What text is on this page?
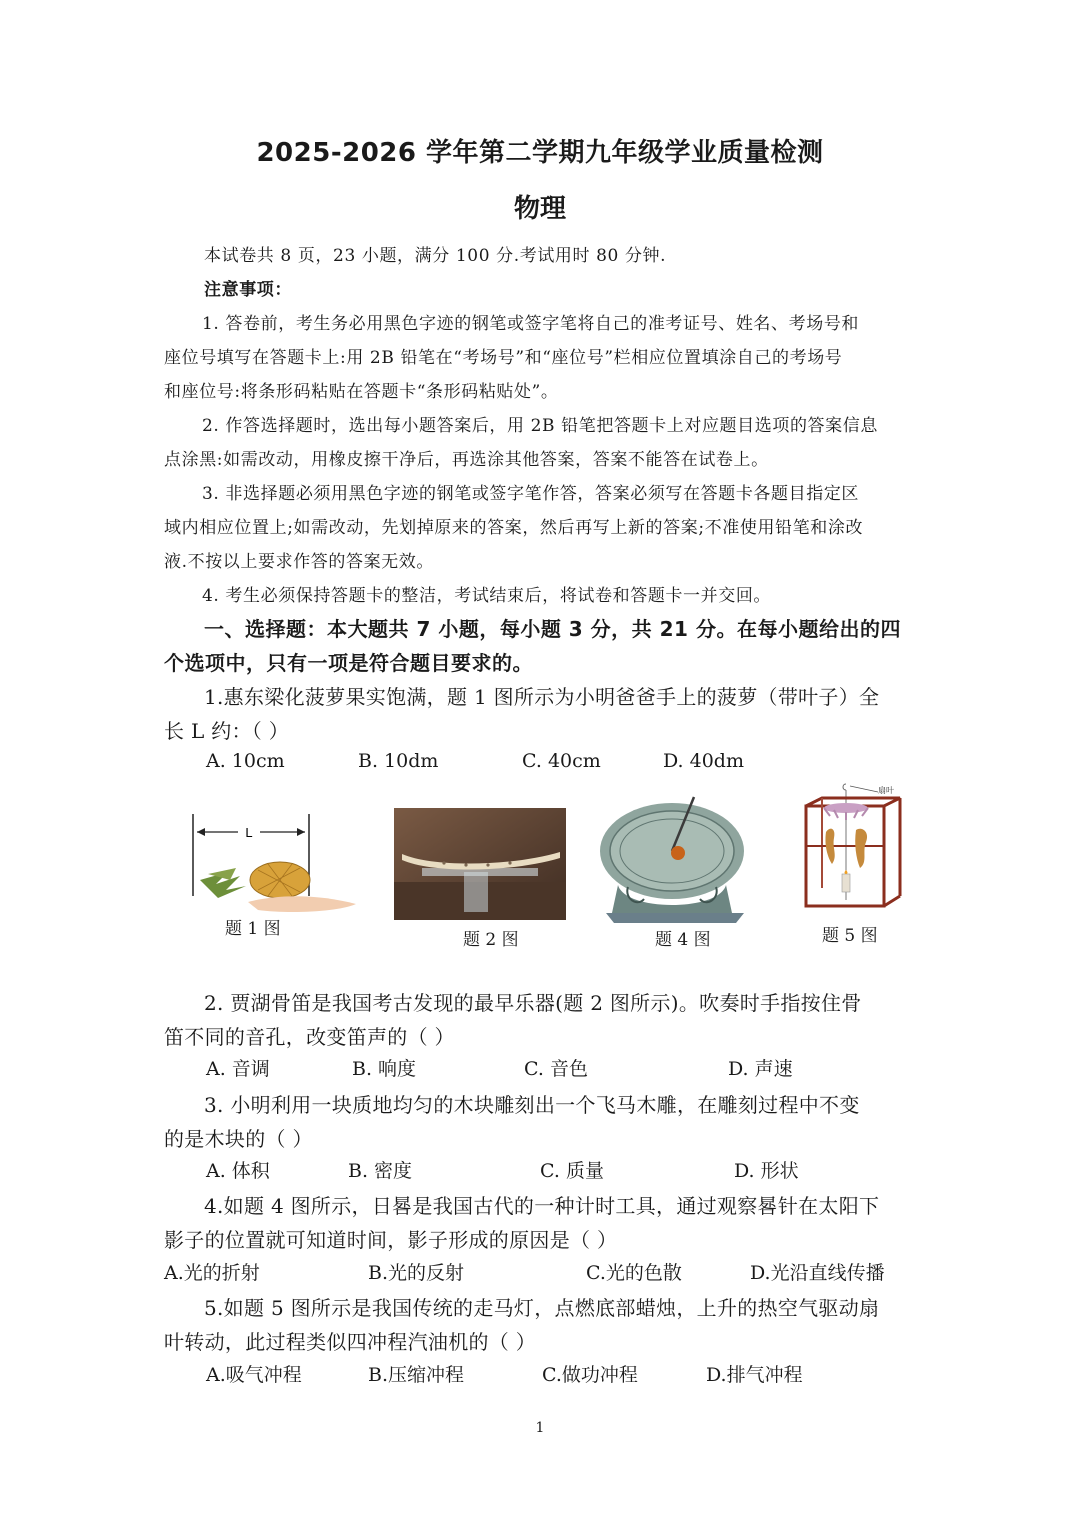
2025-2026 学年第二学期九年级学业质量检测
物理
本试卷共 8 页，23 小题，满分 100 分.考试用时 80 分钟.
注意事项：
1. 答卷前，考生务必用黑色字迹的钢笔或签字笔将自己的准考证号、姓名、考场号和
座位号填写在答题卡上:用 2B 铅笔在“考场号”和“座位号”栏相应位置填涂自己的考场号
和座位号:将条形码粘贴在答题卡“条形码粘贴处”。
2. 作答选择题时，选出每小题答案后，用 2B 铅笔把答题卡上对应题目选项的答案信息
点涂黑:如需改动，用橡皮擦干净后，再选涂其他答案，答案不能答在试卷上。
3. 非选择题必须用黑色字迹的钢笔或签字笔作答，答案必须写在答题卡各题目指定区
域内相应位置上;如需改动，先划掉原来的答案，然后再写上新的答案;不准使用铅笔和涂改
液.不按以上要求作答的答案无效。
4. 考生必须保持答题卡的整洁，考试结束后，将试卷和答题卡一并交回。
一、选择题：本大题共 7 小题，每小题 3 分，共 21 分。在每小题给出的四
个选项中，只有一项是符合题目要求的。
1.惠东梁化菠萝果实饱满，题 1 图所示为小明爸爸手上的菠萝（带叶子）全
长 L 约：（ ）
A. 10cm	B. 10dm	C. 40cm	D. 40dm
L
题 1 图
题 2 图	题 4 图
扇叶
题 5 图
2. 贾湖骨笛是我国考古发现的最早乐器(题 2 图所示)。吹奏时手指按住骨
笛不同的音孔，改变笛声的（ ）
A. 音调	B. 响度	C. 音色	D. 声速
3. 小明利用一块质地均匀的木块雕刻出一个飞马木雕，在雕刻过程中不变
的是木块的（ ）
A. 体积	B. 密度	C. 质量	D. 形状
4.如题 4 图所示，日晷是我国古代的一种计时工具，通过观察晷针在太阳下
影子的位置就可知道时间，影子形成的原因是（ ）
A.光的折射	B.光的反射	C.光的色散	D.光沿直线传播
5.如题 5 图所示是我国传统的走马灯，点燃底部蜡烛，上升的热空气驱动扇
叶转动，此过程类似四冲程汽油机的（ ）
A.吸气冲程	B.压缩冲程	C.做功冲程	D.排气冲程
1
